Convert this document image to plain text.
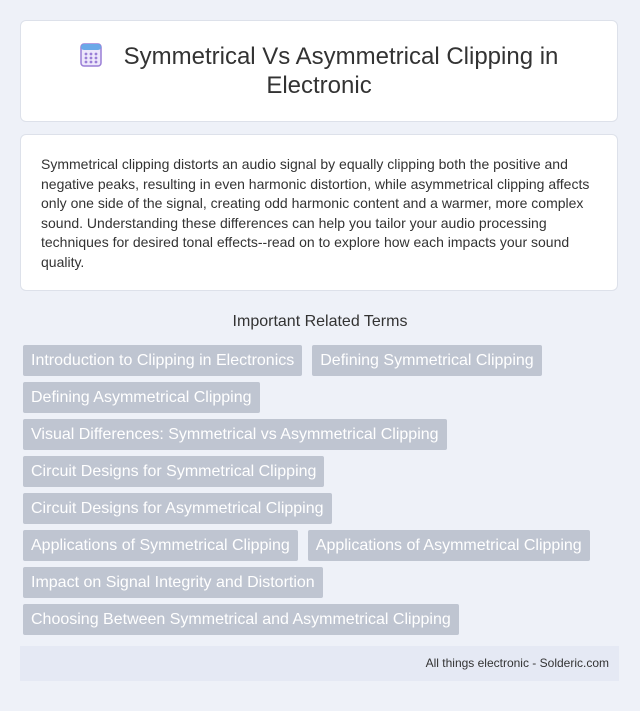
Symmetrical Vs Asymmetrical Clipping in Electronic

Symmetrical clipping distorts an audio signal by equally clipping both the positive and negative peaks, resulting in even harmonic distortion, while asymmetrical clipping affects only one side of the signal, creating odd harmonic content and a warmer, more complex sound. Understanding these differences can help you tailor your audio processing techniques for desired tonal effects--read on to explore how each impacts your sound quality.

Important Related Terms
Introduction to Clipping in Electronics	Defining Symmetrical Clipping
Defining Asymmetrical Clipping
Visual Differences: Symmetrical vs Asymmetrical Clipping
Circuit Designs for Symmetrical Clipping
Circuit Designs for Asymmetrical Clipping
Applications of Symmetrical Clipping	Applications of Asymmetrical Clipping
Impact on Signal Integrity and Distortion
Choosing Between Symmetrical and Asymmetrical Clipping
All things electronic - Solderic.com
